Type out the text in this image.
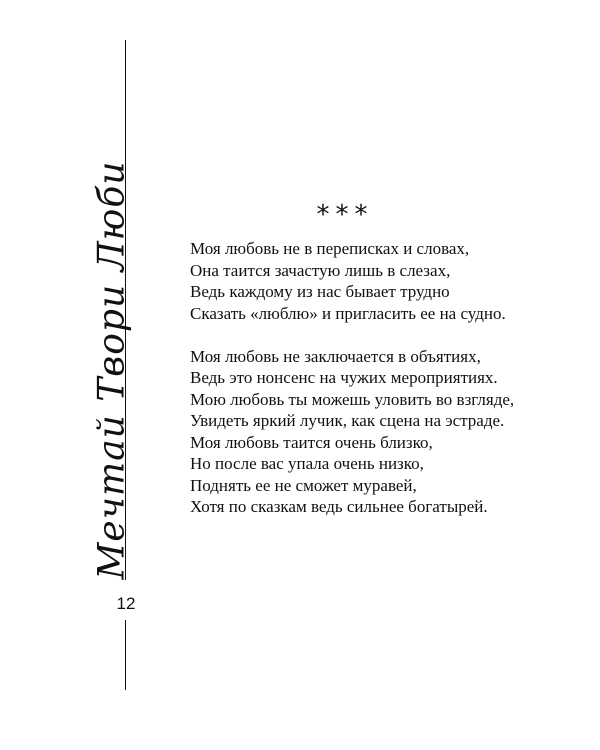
Мечтай Твори Люби
12
***

Моя любовь не в переписках и словах,
Она таится зачастую лишь в слезах,
Ведь каждому из нас бывает трудно
Сказать «люблю» и пригласить ее на судно.

Моя любовь не заключается в объятиях,
Ведь это нонсенс на чужих мероприятиях.
Мою любовь ты можешь уловить во взгляде,
Увидеть яркий лучик, как сцена на эстраде.
Моя любовь таится очень близко,
Но после вас упала очень низко,
Поднять ее не сможет муравей,
Хотя по сказкам ведь сильнее богатырей.
